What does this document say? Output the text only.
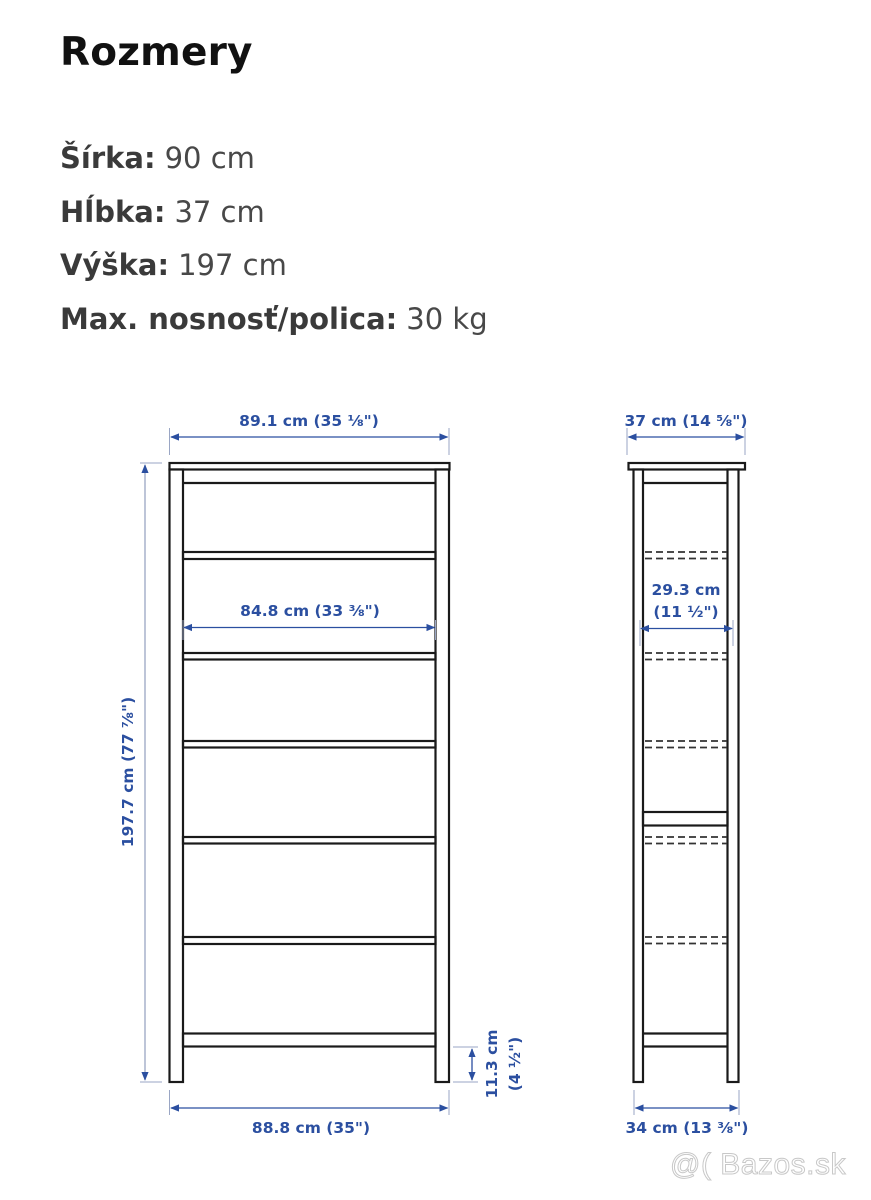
Rozmery
Šírka: 90 cm
Hĺbka: 37 cm
Výška: 197 cm
Max. nosnosť/polica: 30 kg
89.1 cm (35 ⅛")
84.8 cm (33 ⅜")
197.7 cm (77 ⅞")
88.8 cm (35")
11.3 cm (4 ½")
37 cm (14 ⅝")
29.3 cm
(11 ½")
34 cm (13 ⅜")
@( Bazos.sk
